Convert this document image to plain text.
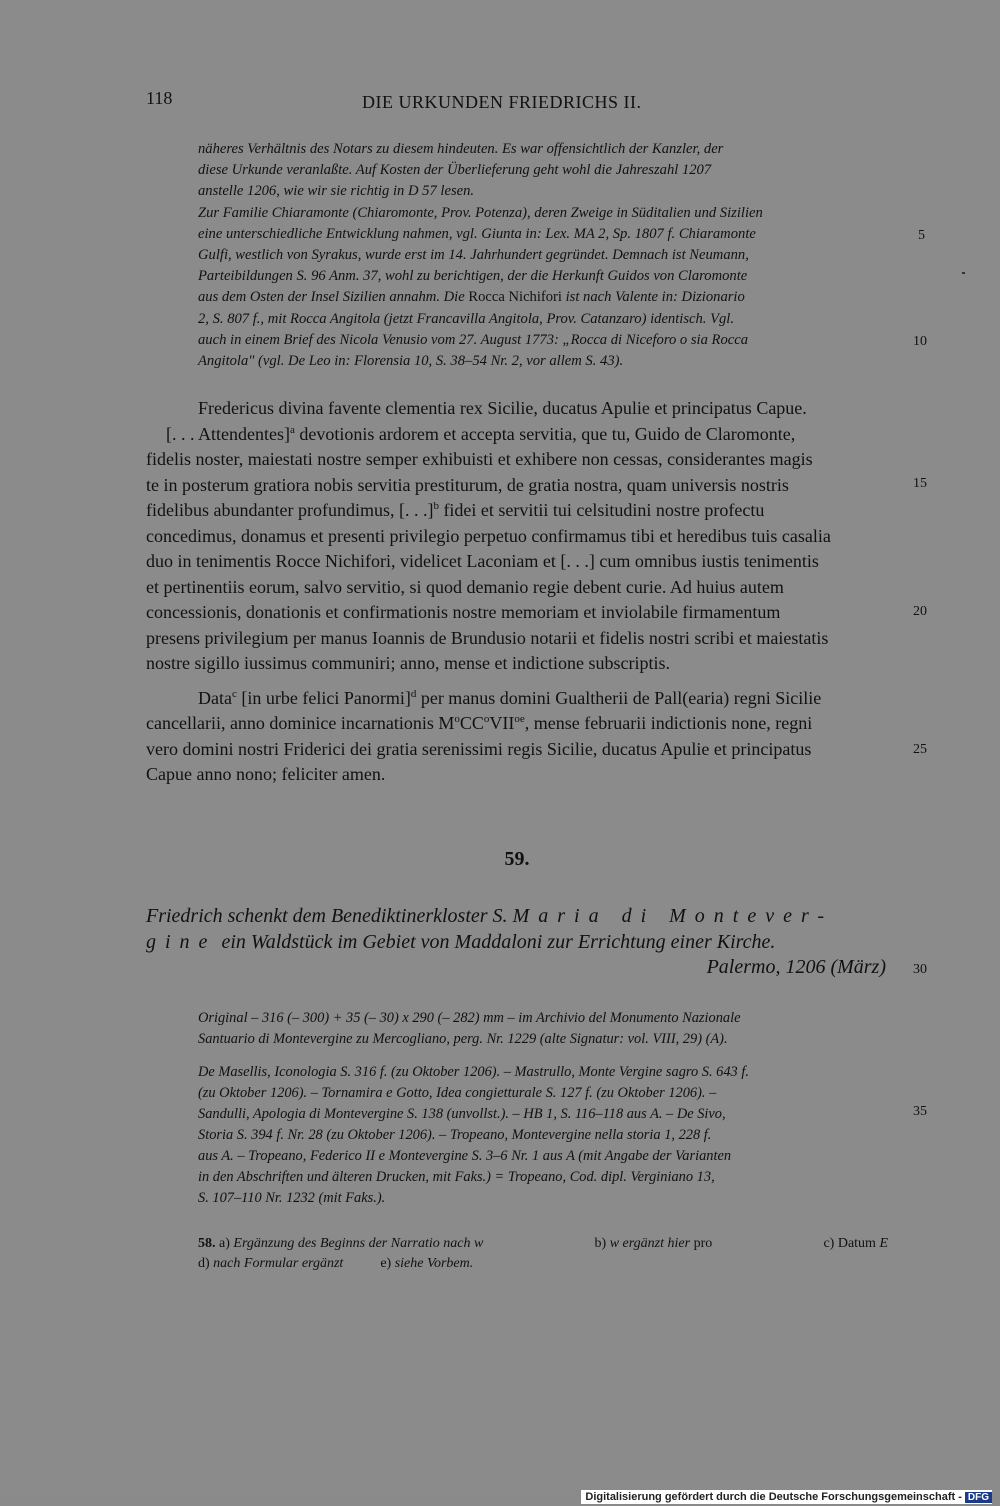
118	DIE URKUNDEN FRIEDRICHS II.

näheres Verhältnis des Notars zu diesem hindeuten. Es war offensichtlich der Kanzler, der

diese Urkunde veranlaßte. Auf Kosten der Überlieferung geht wohl die Jahreszahl 1207

anstelle 1206, wie wir sie richtig in D 57 lesen.

Zur Familie Chiaramonte (Chiaromonte, Prov. Potenza), deren Zweige in Süditalien und Sizilien

eine unterschiedliche Entwicklung nahmen, vgl. Giunta in: Lex. MA 2, Sp. 1807 f. Chiaramonte

Gulfi, westlich von Syrakus, wurde erst im 14. Jahrhundert gegründet. Demnach ist Neumann,

Parteibildungen S. 96 Anm. 37, wohl zu berichtigen, der die Herkunft Guidos von Claromonte

aus dem Osten der Insel Sizilien annahm. Die Rocca Nichifori ist nach Valente in: Dizionario

2, S. 807 f., mit Rocca Angitola (jetzt Francavilla Angitola, Prov. Catanzaro) identisch. Vgl.

auch in einem Brief des Nicola Venusio vom 27. August 1773: „Rocca di Niceforo o sia Rocca

Angitola" (vgl. De Leo in: Florensia 10, S. 38–54 Nr. 2, vor allem S. 43).

5
10
15
20
25
30
35

Fredericus divina favente clementia rex Sicilie, ducatus Apulie et principatus Capue.

[. . . Attendentes]$^a$ devotionis ardorem et accepta servitia, que tu, Guido de Claromonte,
fidelis noster, maiestati nostre semper exhibuisti et exhibere non cessas, considerantes magis
te in posterum gratiora nobis servitia prestiturum, de gratia nostra, quam universis nostris
fidelibus abundanter profundimus, [. . .]$^b$ fidei et servitii tui celsitudini nostre profectu
concedimus, donamus et presenti privilegio perpetuo confirmamus tibi et heredibus tuis casalia
duo in tenimentis Rocce Nichifori, videlicet Laconiam et [. . .] cum omnibus iustis tenimentis
et pertinentiis eorum, salvo servitio, si quod demanio regie debent curie. Ad huius autem
concessionis, donationis et confirmationis nostre memoriam et inviolabile firmamentum
presens privilegium per manus Ioannis de Brundusio notarii et fidelis nostri scribi et maiestatis
nostre sigillo iussimus communiri; anno, mense et indictione subscriptis.
Data$^c$ [in urbe felici Panormi]$^d$ per manus domini Gualtherii de Pall(earia) regni Sicilie
cancellarii, anno dominice incarnationis $M^oCC^oVII^{oe}$, mense februarii indictionis none, regni
vero domini nostri Friderici dei gratia serenissimi regis Sicilie, ducatus Apulie et principatus
Capue anno nono; feliciter amen.
59.
Friedrich schenkt dem Benediktinerkloster S. Maria di Montever-
gine ein Waldstück im Gebiet von Maddaloni zur Errichtung einer Kirche.
Palermo, 1206 (März)

Original – 316 (– 300) + 35 (– 30) x 290 (– 282) mm – im Archivio del Monumento Nazionale

Santuario di Montevergine zu Mercogliano, perg. Nr. 1229 (alte Signatur: vol. VIII, 29) (A).

De Masellis, Iconologia S. 316 f. (zu Oktober 1206). – Mastrullo, Monte Vergine sagro S. 643 f.

(zu Oktober 1206). – Tornamira e Gotto, Idea congietturale S. 127 f. (zu Oktober 1206). –

Sandulli, Apologia di Montevergine S. 138 (unvollst.). – HB 1, S. 116–118 aus A. – De Sivo,

Storia S. 394 f. Nr. 28 (zu Oktober 1206). – Tropeano, Montevergine nella storia 1, 228 f.

aus A. – Tropeano, Federico II e Montevergine S. 3–6 Nr. 1 aus A (mit Angabe der Varianten

in den Abschriften und älteren Drucken, mit Faks.) = Tropeano, Cod. dipl. Verginiano 13,

S. 107–110 Nr. 1232 (mit Faks.).

58. a) Ergänzung des Beginns der Narratio nach w	b) w ergänzt hier pro	c) Datum E
d) nach Formular ergänzt	e) siehe Vorbem.
Digitalisierung gefördert durch die Deutsche Forschungsgemeinschaft - DFG
